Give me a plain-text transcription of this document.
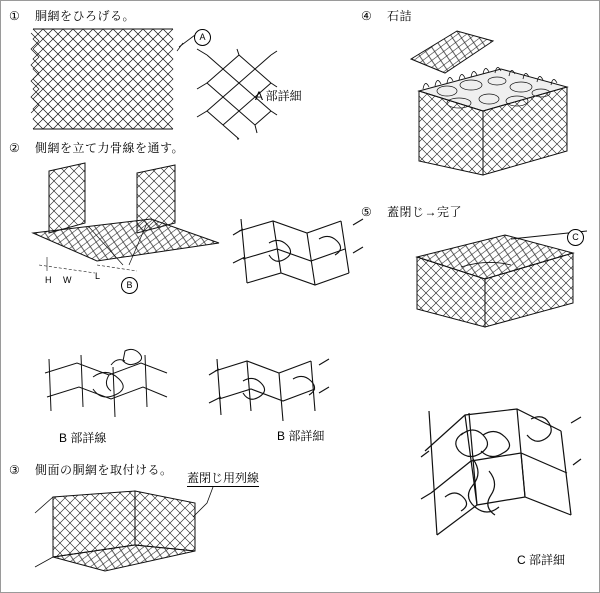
① 胴網をひろげる。
A
A 部詳細
② 側網を立て力骨線を通す。
H W	L
B
B 部詳線	B 部詳細
③ 側面の胴網を取付ける。
蓋閉じ用列線
④ 石詰
⑤ 蓋閉じ→完了
C
C 部詳細
